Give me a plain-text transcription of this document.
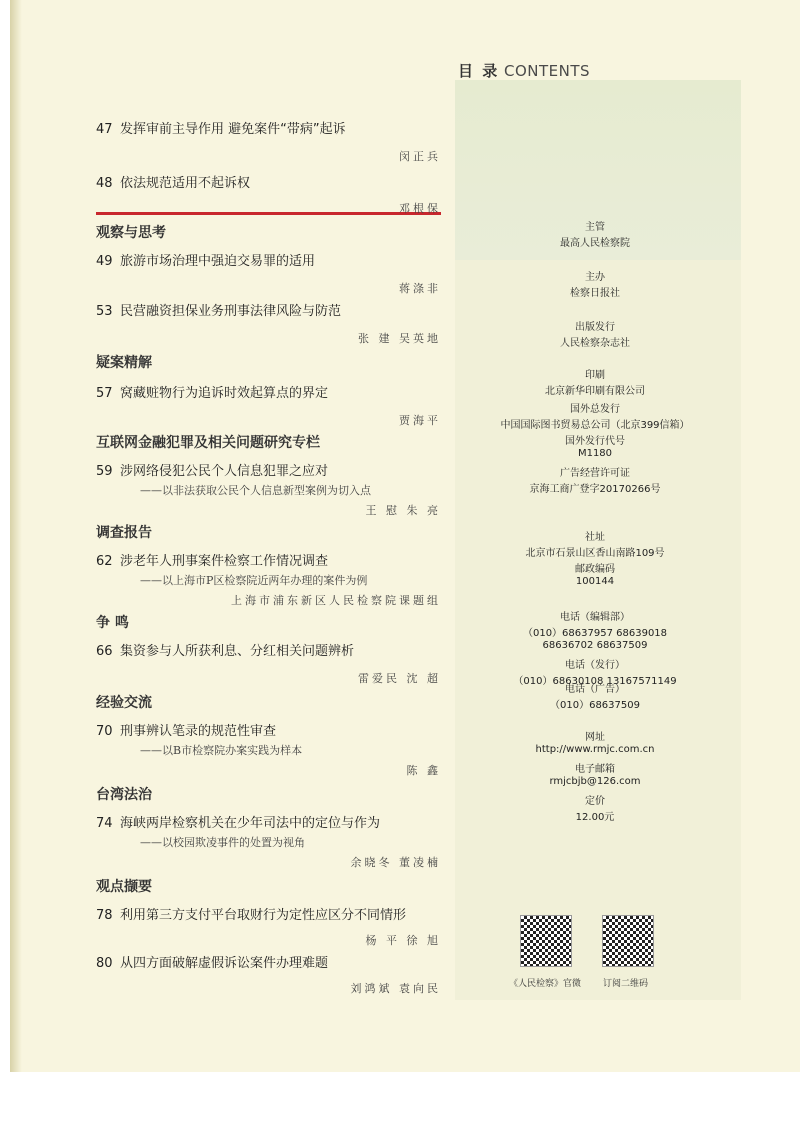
目 录 CONTENTS
47 发挥审前主导作用 避免案件“带病”起诉
闵正兵
48 依法规范适用不起诉权
邓根保
观察与思考
49 旅游市场治理中强迫交易罪的适用
蒋涤非
53 民营融资担保业务刑事法律风险与防范
张 建 吴英地
疑案精解
57 窝藏赃物行为追诉时效起算点的界定
贾海平
互联网金融犯罪及相关问题研究专栏
59 涉网络侵犯公民个人信息犯罪之应对
——以非法获取公民个人信息新型案例为切入点
王 慰 朱 亮
调查报告
62 涉老年人刑事案件检察工作情况调查
——以上海市P区检察院近两年办理的案件为例
上海市浦东新区人民检察院课题组
争 鸣
66 集资参与人所获利息、分红相关问题辨析
雷爱民 沈 超
经验交流
70 刑事辨认笔录的规范性审查
——以B市检察院办案实践为样本
陈 鑫
台湾法治
74 海峡两岸检察机关在少年司法中的定位与作为
——以校园欺凌事件的处置为视角
余晓冬 董凌楠
观点撷要
78 利用第三方支付平台取财行为定性应区分不同情形
杨 平 徐 旭
80 从四方面破解虚假诉讼案件办理难题
刘鸿斌 袁向民
主管
最高人民检察院
主办
检察日报社
出版发行
人民检察杂志社
印刷
北京新华印刷有限公司
国外总发行
中国国际图书贸易总公司（北京399信箱）
国外发行代号
M1180
广告经营许可证
京海工商广登字20170266号
社址
北京市石景山区香山南路109号
邮政编码
100144
电话（编辑部）
（010）68637957 68639018
68636702 68637509
电话（发行）
（010）68630108 13167571149
电话（广告）
（010）68637509
网址
http://www.rmjc.com.cn
电子邮箱
rmjcbjb@126.com
定价
12.00元
《人民检察》官微 订阅二维码
